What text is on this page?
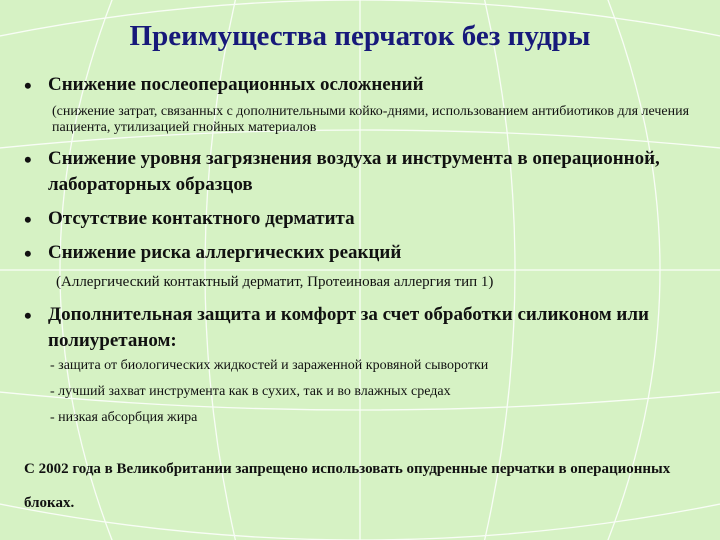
Преимущества перчаток без пудры
• Снижение послеоперационных осложнений
(снижение затрат, связанных с дополнительными койко-днями, использованием антибиотиков для лечения пациента, утилизацией гнойных материалов
• Снижение уровня загрязнения воздуха и инструмента в операционной, лабораторных образцов
• Отсутствие контактного дерматита
• Снижение риска аллергических реакций
(Аллергический контактный дерматит, Протеиновая аллергия тип 1)
• Дополнительная защита и комфорт за счет обработки силиконом или полиуретаном:
- защита от биологических жидкостей и зараженной кровяной сыворотки
- лучший захват инструмента как в сухих, так и во влажных средах
- низкая абсорбция жира
С 2002 года в Великобритании запрещено использовать опудренные перчатки в операционных блоках.
